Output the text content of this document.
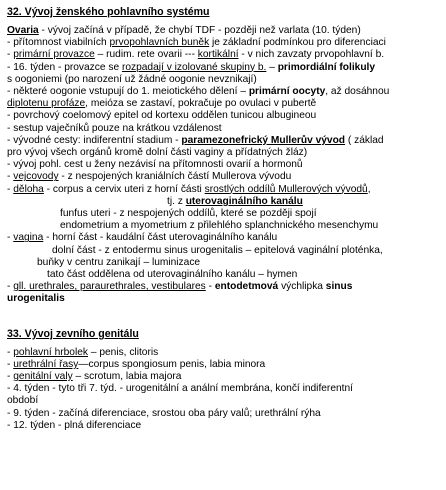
32. Vývoj ženského pohlavního systému
Ovaria - vývoj začíná v případě, že chybí TDF - později než varlata (10. týden)
- přítomnost viabilních prvopohlavních buněk je základní podmínkou pro diferenciaci
- primární provazce – rudim. rete ovarii --- kortikální - v nich zavzaty prvopohlavní b.
- 16. týden - provazce se rozpadají v izolované skupiny b. – primordiální folikuly
s oogoniemi (po narození už žádné oogonie nevznikají)
- některé oogonie vstupují do 1. meiotického dělení – primární oocyty, až dosáhnou
diplotenu profáze, meióza se zastaví, pokračuje po ovulaci v pubertě
- povrchový coelomový epitel od kortexu oddělen tunicou albugineou
- sestup vaječníků pouze na krátkou vzdálenost
- vývodné cesty: indiferentní stadium - paramezonefrický Mullerův vývod ( základ
pro vývoj všech orgánů kromě dolní části vaginy a přídatných žláz)
- vývoj pohl. cest u ženy nezávisí na přítomnosti ovarií a hormonů
- vejcovody - z nespojených kraniálních částí Mullerova vývodu
- děloha - corpus a cervix uteri z horní části srostlých oddílů Mullerových vývodů,
tj. z uterovaginálního kanálu
funfus uteri - z nespojených oddílů, které se později spojí
endometrium a myometrium z přilehlého splanchnického mesenchymu
- vagina - horní část - kaudální část uterovaginálního kanálu
dolní část - z entodermu sinus urogenitalis – epitelová vaginální ploténka,
buňky v centru zanikají – luminizace
tato část oddělena od uterovaginálního kanálu – hymen
- gll. urethrales, paraurethrales, vestibulares - entodetmová výchlipka sinus
urogenitalis
33. Vývoj zevního genitálu
- pohlavní hrbolek – penis, clitoris
- urethrální řasy—corpus spongiosum penis, labia minora
- genitální valy – scrotum, labia majora
- 4. týden - tyto tři 7. týd. - urogenitální a anální membrána, končí indiferentní
období
- 9. týden - začíná diferenciace, srostou oba páry valů; urethrální rýha
- 12. týden - plná diferenciace
